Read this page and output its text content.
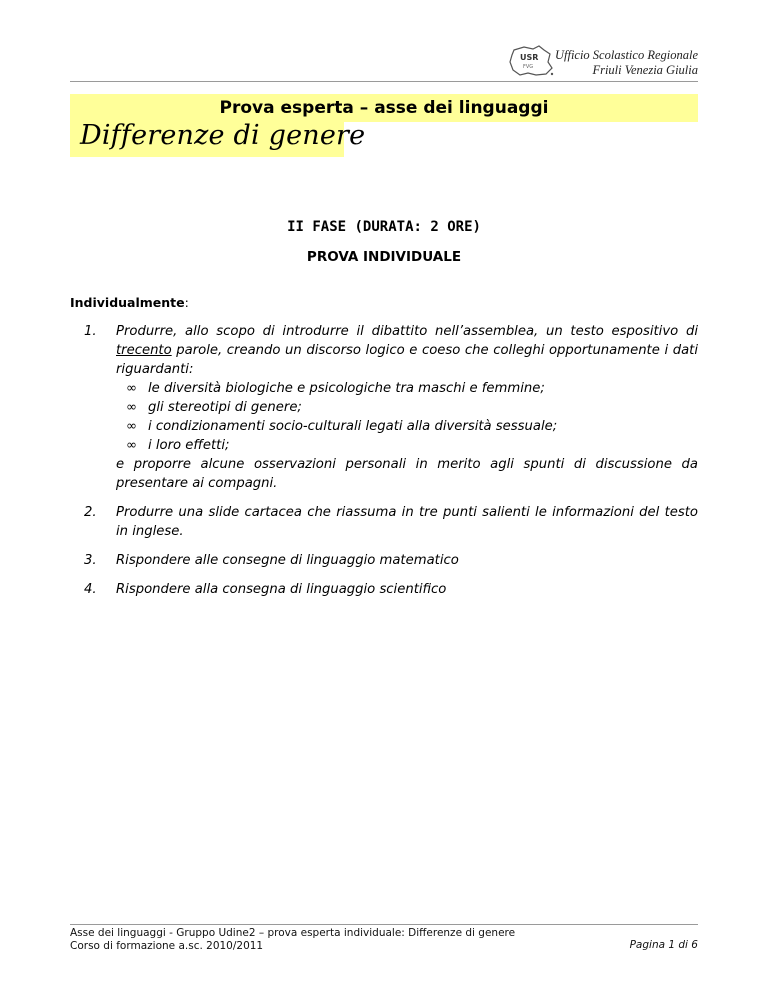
USR
FVG
Ufficio Scolastico Regionale
Friuli Venezia Giulia
Prova esperta – asse dei linguaggi
Differenze di genere
II FASE (DURATA: 2 ORE)
PROVA INDIVIDUALE
Individualmente:
1. Produrre, allo scopo di introdurre il dibattito nell’assemblea, un testo espositivo di trecento parole, creando un discorso logico e coeso che colleghi opportunamente i dati riguardanti:

∞ le diversità biologiche e psicologiche tra maschi e femmine;
∞ gli stereotipi di genere;
∞ i condizionamenti socio-culturali legati alla diversità sessuale;
∞ i loro effetti;

e proporre alcune osservazioni personali in merito agli spunti di discussione da presentare ai compagni.

2. Produrre una slide cartacea che riassuma in tre punti salienti le informazioni del testo in inglese.

3. Rispondere alle consegne di linguaggio matematico

4. Rispondere alla consegna di linguaggio scientifico

Asse dei linguaggi - Gruppo Udine2 – prova esperta individuale: Differenze di genere
Corso di formazione a.sc. 2010/2011	Pagina 1 di 6
